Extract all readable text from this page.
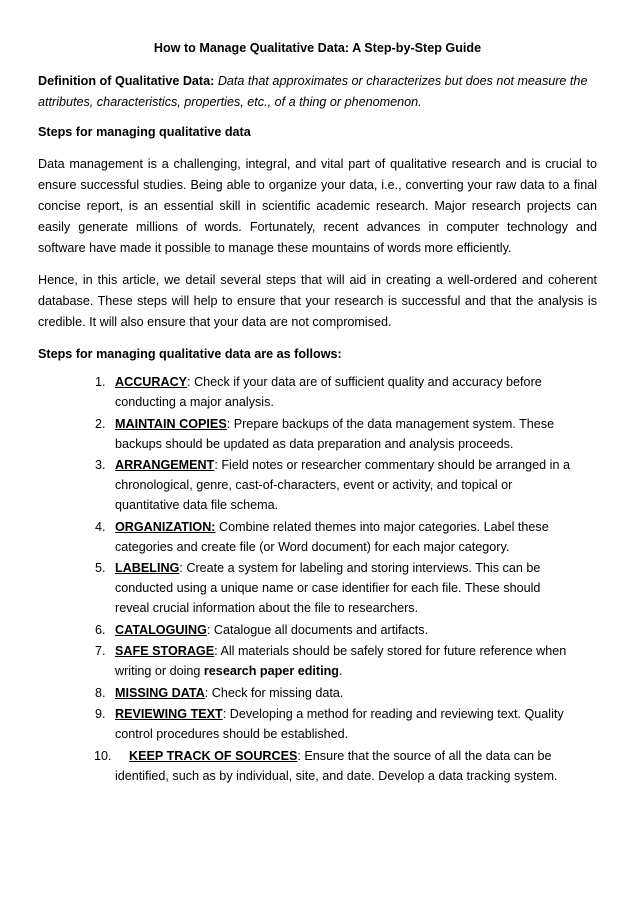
How to Manage Qualitative Data: A Step-by-Step Guide

Definition of Qualitative Data: Data that approximates or characterizes but does not measure the attributes, characteristics, properties, etc., of a thing or phenomenon.

Steps for managing qualitative data

Data management is a challenging, integral, and vital part of qualitative research and is crucial to ensure successful studies. Being able to organize your data, i.e., converting your raw data to a final concise report, is an essential skill in scientific academic research. Major research projects can easily generate millions of words. Fortunately, recent advances in computer technology and software have made it possible to manage these mountains of words more efficiently.

Hence, in this article, we detail several steps that will aid in creating a well-ordered and coherent database. These steps will help to ensure that your research is successful and that the analysis is credible. It will also ensure that your data are not compromised.

Steps for managing qualitative data are as follows:
1. ACCURACY: Check if your data are of sufficient quality and accuracy before conducting a major analysis.
2. MAINTAIN COPIES: Prepare backups of the data management system. These backups should be updated as data preparation and analysis proceeds.
3. ARRANGEMENT: Field notes or researcher commentary should be arranged in a chronological, genre, cast-of-characters, event or activity, and topical or quantitative data file schema.
4. ORGANIZATION: Combine related themes into major categories. Label these categories and create file (or Word document) for each major category.
5. LABELING: Create a system for labeling and storing interviews. This can be conducted using a unique name or case identifier for each file. These should reveal crucial information about the file to researchers.
6. CATALOGUING: Catalogue all documents and artifacts.
7. SAFE STORAGE: All materials should be safely stored for future reference when writing or doing research paper editing.
8. MISSING DATA: Check for missing data.
9. REVIEWING TEXT: Developing a method for reading and reviewing text. Quality control procedures should be established.
10. KEEP TRACK OF SOURCES: Ensure that the source of all the data can be identified, such as by individual, site, and date. Develop a data tracking system.
